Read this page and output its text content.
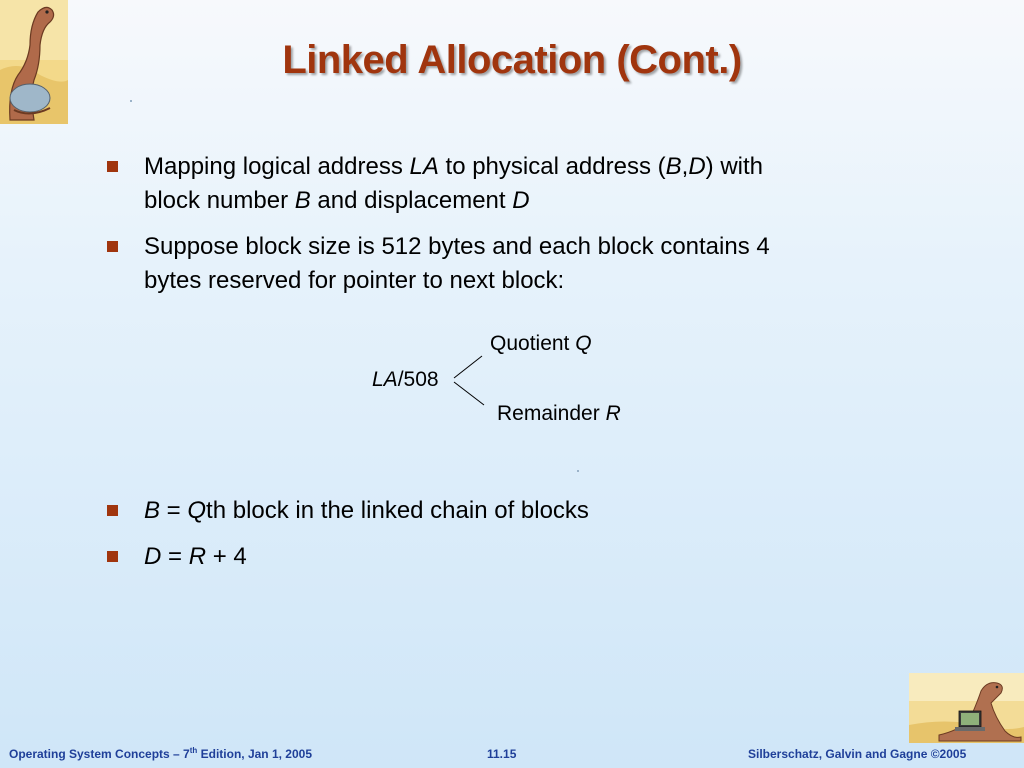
Linked Allocation (Cont.)
Mapping logical address LA to physical address (B,D) with
block number B and displacement D
Suppose block size is 512 bytes and each block contains 4
bytes reserved for pointer to next block:
Quotient Q
LA/508
Remainder R
B = Qth block in the linked chain of blocks
D = R + 4
Operating System Concepts – 7th Edition, Jan 1, 2005	11.15	Silberschatz, Galvin and Gagne ©2005
